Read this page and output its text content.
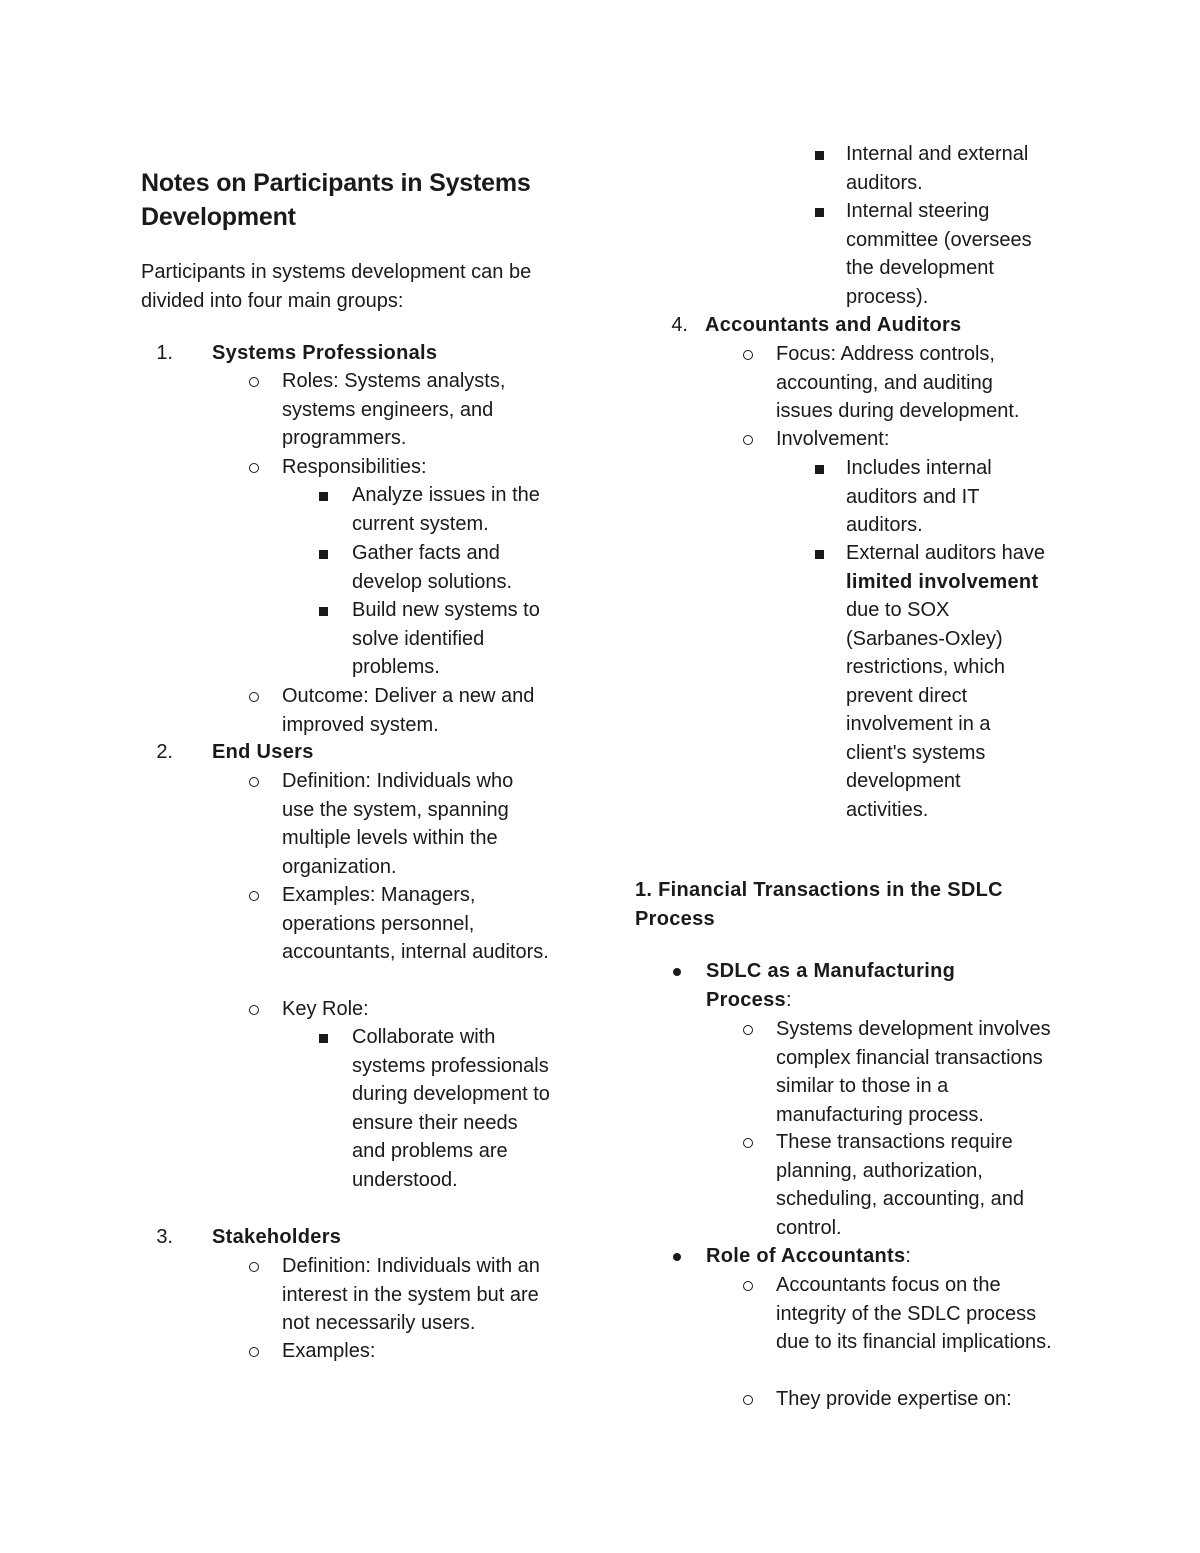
Notes on Participants in Systems Development

Participants in systems development can be divided into four main groups:

1.	Systems Professionals
Roles: Systems analysts, systems engineers, and programmers.
Responsibilities:
Analyze issues in the current system.
Gather facts and develop solutions.
Build new systems to solve identified problems.
Outcome: Deliver a new and improved system.
2.	End Users
Definition: Individuals who use the system, spanning multiple levels within the organization.
Examples: Managers, operations personnel, accountants, internal auditors.
Key Role:
Collaborate with systems professionals during development to ensure their needs and problems are understood.
3.	Stakeholders
Definition: Individuals with an interest in the system but are not necessarily users.
Examples:
Internal and external auditors.
Internal steering committee (oversees the development process).
4. Accountants and Auditors
Focus: Address controls, accounting, and auditing issues during development.
Involvement:
Includes internal auditors and IT auditors.
External auditors have limited involvement due to SOX (Sarbanes-Oxley) restrictions, which prevent direct involvement in a client's systems development activities.
1. Financial Transactions in the SDLC Process
SDLC as a Manufacturing Process:
Systems development involves complex financial transactions similar to those in a manufacturing process.
These transactions require planning, authorization, scheduling, accounting, and control.
Role of Accountants:
Accountants focus on the integrity of the SDLC process due to its financial implications.
They provide expertise on:
